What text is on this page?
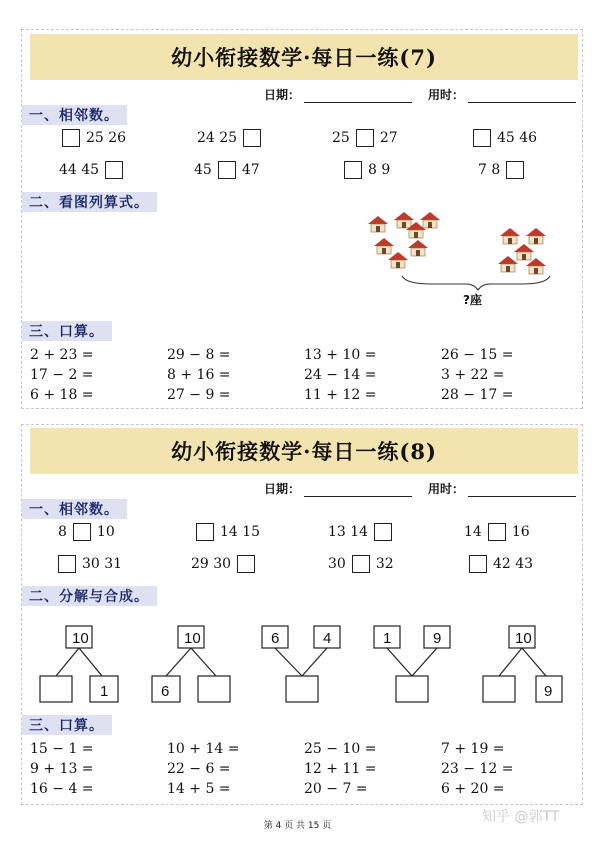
幼小衔接数学·每日一练(7)
日期：	用时：
一、相邻数。
25 26	24 25	25 27	45 46
44 45	45 47	8 9	7 8
二、看图列算式。
?座
三、口算。
2 + 23 =	29 − 8 =	13 + 10 =	26 − 15 =
17 − 2 =	8 + 16 =	24 − 14 =	3 + 22 =
6 + 18 =	27 − 9 =	11 + 12 =	28 − 17 =
幼小衔接数学·每日一练(8)
日期：	用时：
一、相邻数。
8 10	14 15	13 14	14 16
30 31	29 30	30 32	42 43
二、分解与合成。
10
1
10
6
6	4	1	9	10
9
三、口算。
15 − 1 =	10 + 14 =	25 − 10 =	7 + 19 =
9 + 13 =	22 − 6 =	12 + 11 =	23 − 12 =
16 − 4 =	14 + 5 =	20 − 7 =	6 + 20 =
第 4 页 共 15 页
知乎 @郭TT
